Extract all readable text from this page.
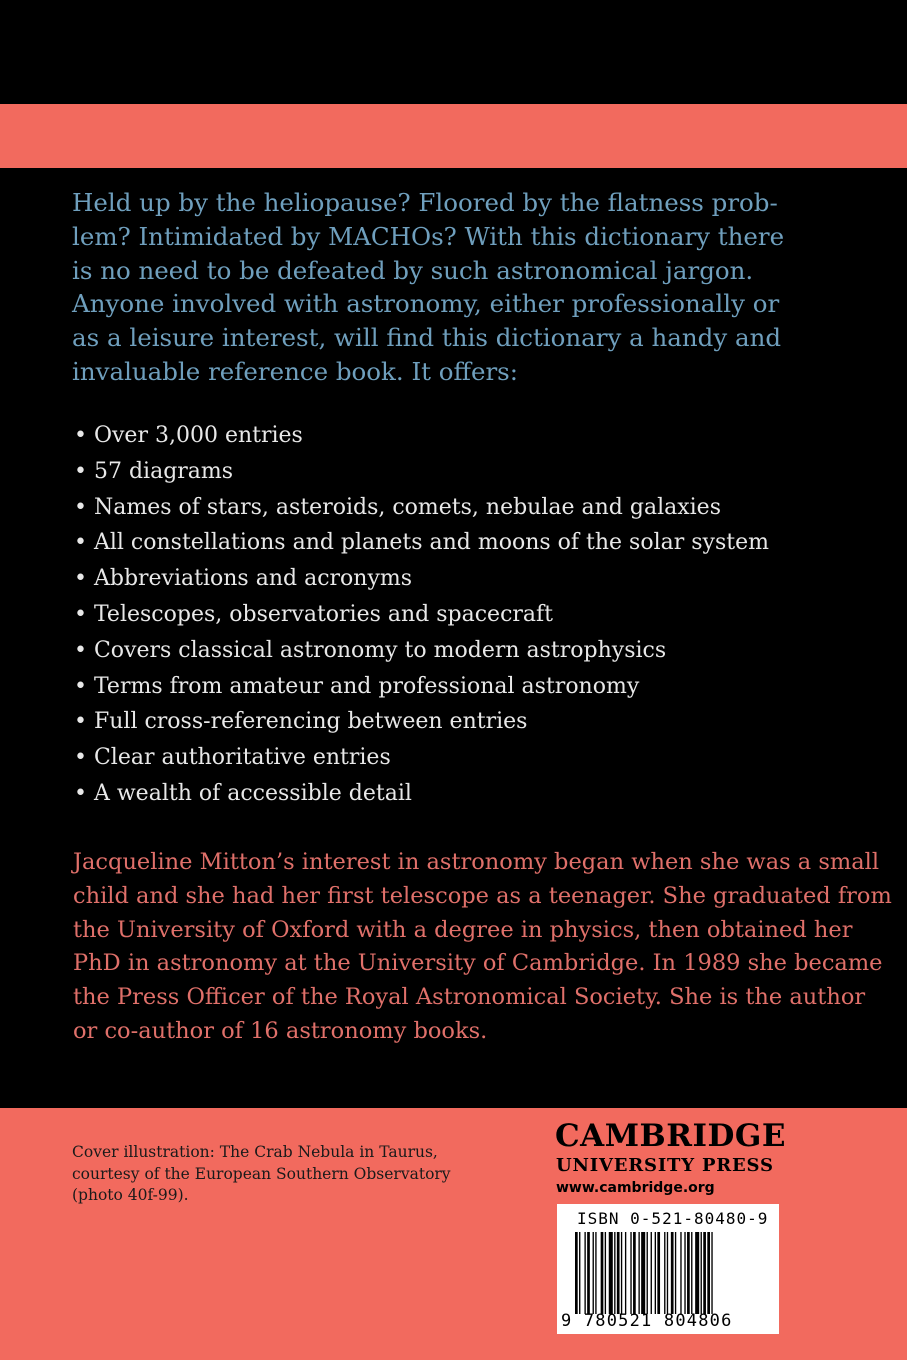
Held up by the heliopause? Floored by the flatness prob-
lem? Intimidated by MACHOs? With this dictionary there
is no need to be defeated by such astronomical jargon.
Anyone involved with astronomy, either professionally or
as a leisure interest, will find this dictionary a handy and
invaluable reference book. It offers:

• Over 3,000 entries
• 57 diagrams
• Names of stars, asteroids, comets, nebulae and galaxies
• All constellations and planets and moons of the solar system
• Abbreviations and acronyms
• Telescopes, observatories and spacecraft
• Covers classical astronomy to modern astrophysics
• Terms from amateur and professional astronomy
• Full cross-referencing between entries
• Clear authoritative entries
• A wealth of accessible detail

Jacqueline Mitton’s interest in astronomy began when she was a small
child and she had her first telescope as a teenager. She graduated from
the University of Oxford with a degree in physics, then obtained her
PhD in astronomy at the University of Cambridge. In 1989 she became
the Press Officer of the Royal Astronomical Society. She is the author
or co-author of 16 astronomy books.

Cover illustration: The Crab Nebula in Taurus,
courtesy of the European Southern Observatory
(photo 40f-99).

CAMBRIDGE
UNIVERSITY PRESS
www.cambridge.org
ISBN 0-521-80480-9
9 780521 804806
